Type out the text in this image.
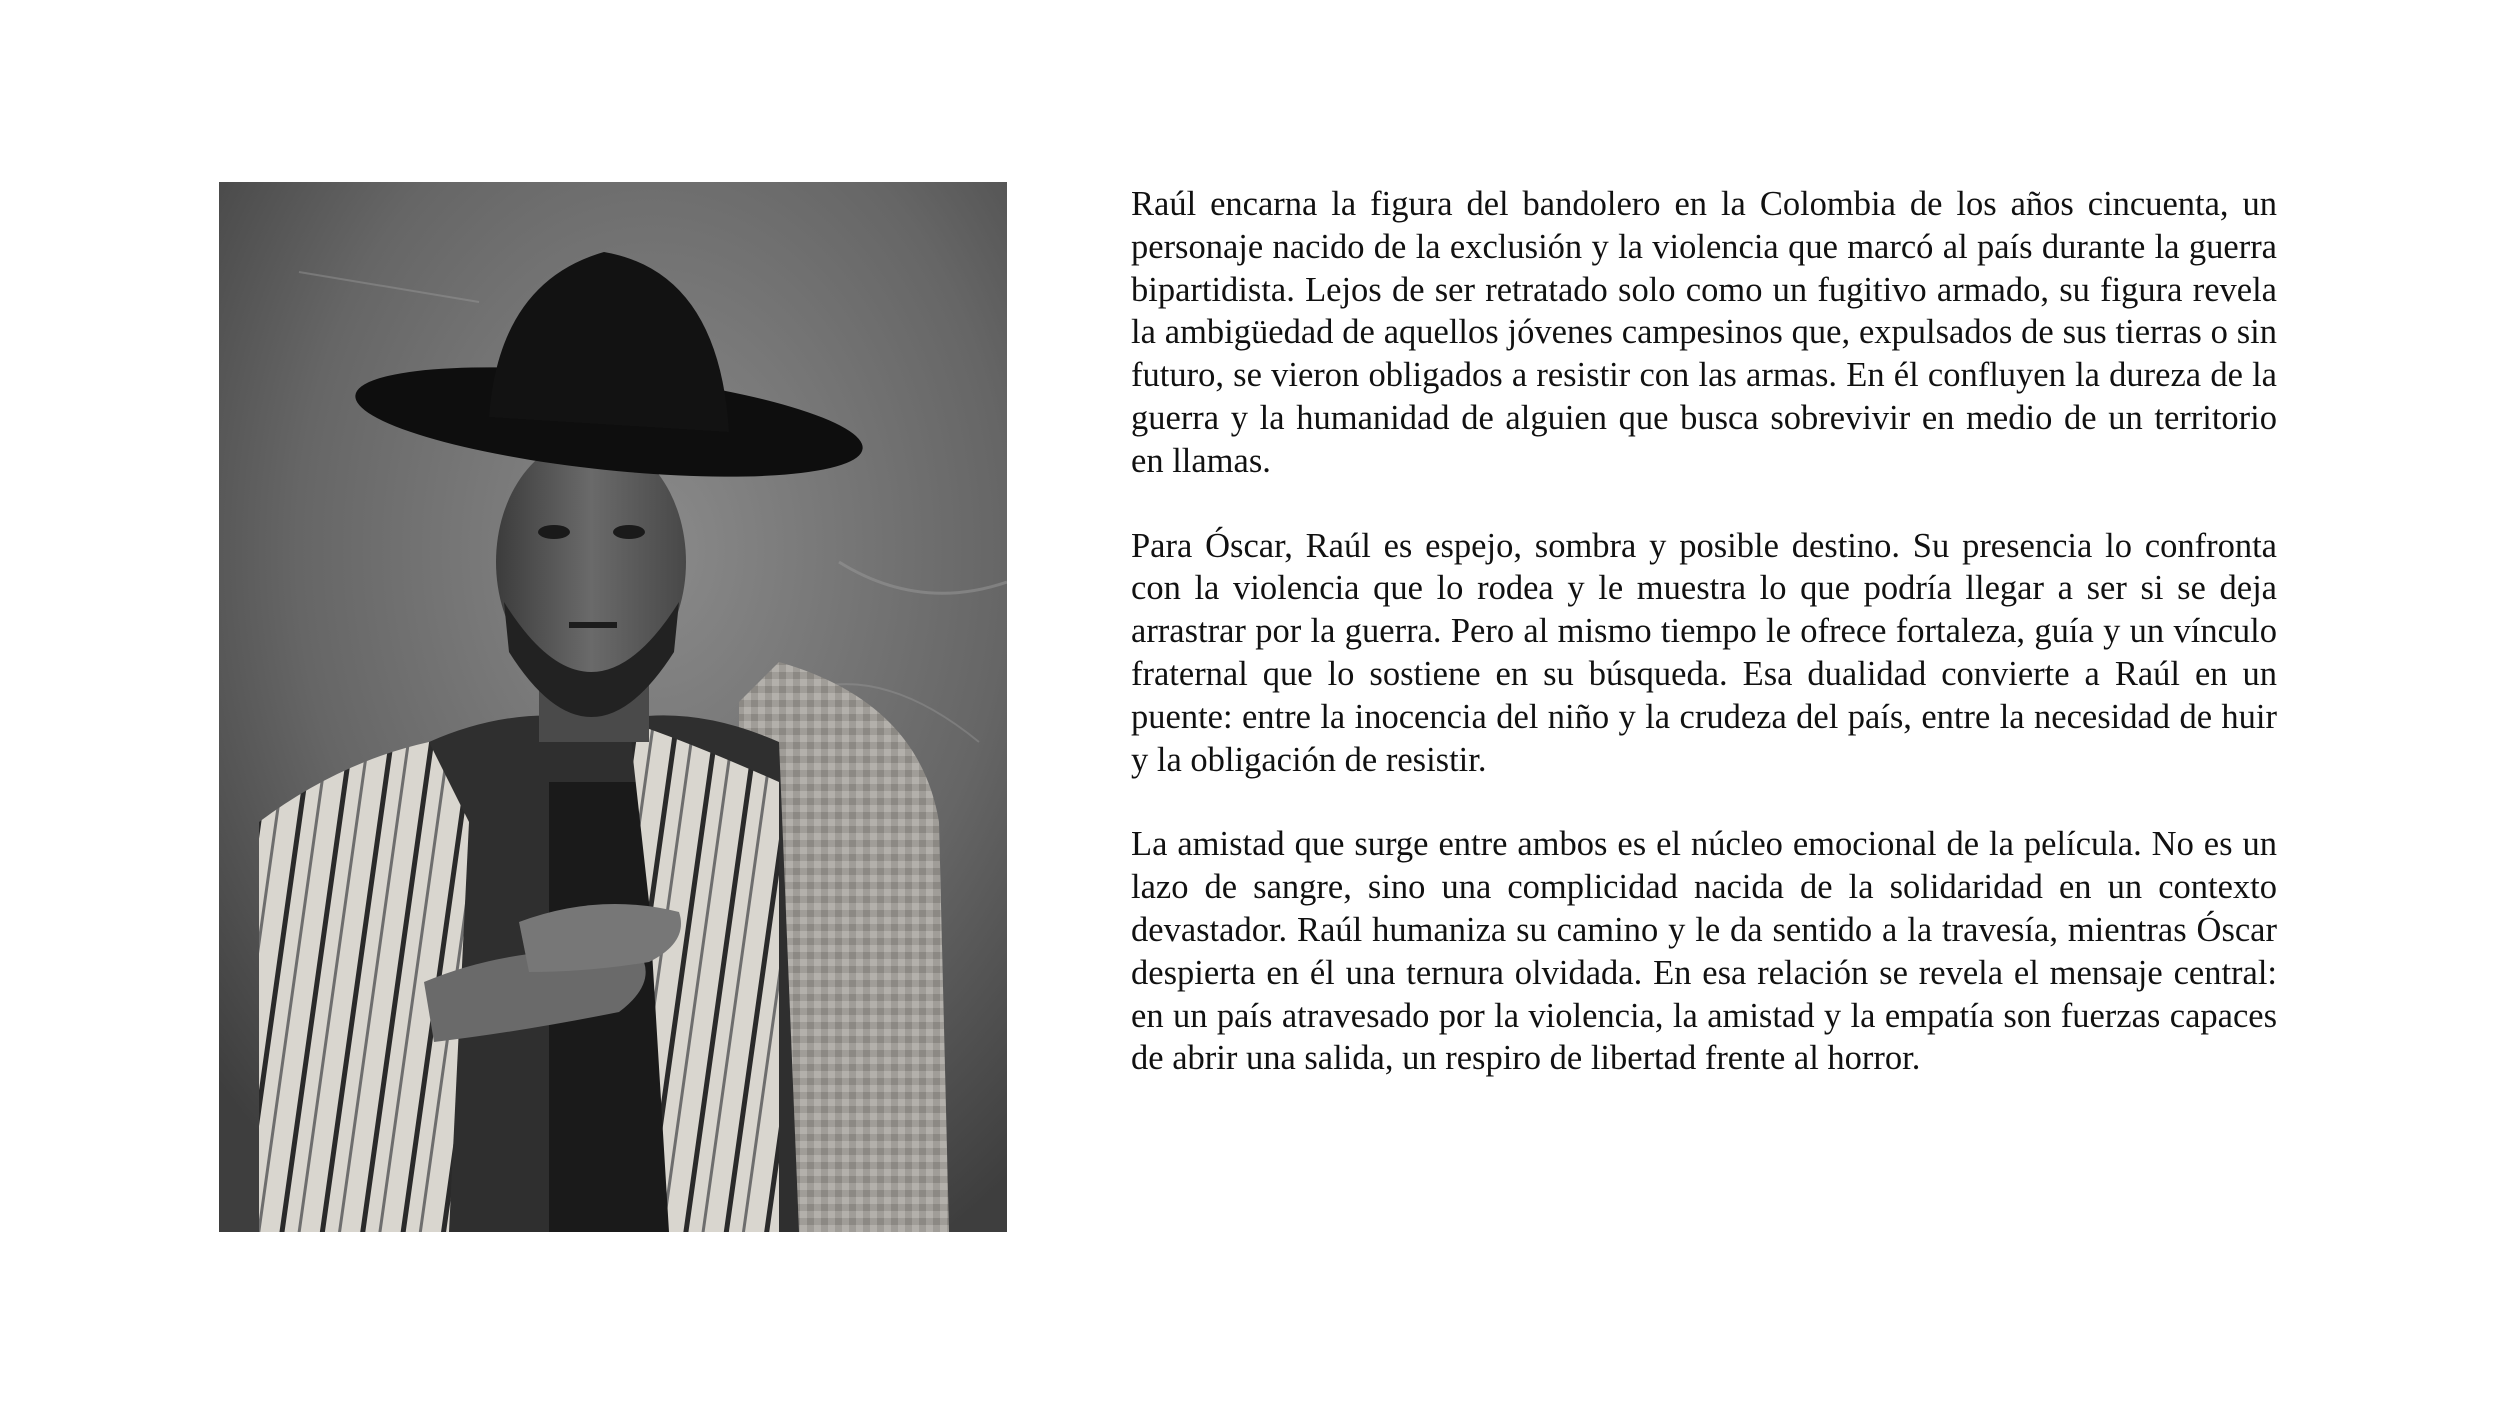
Raúl encarna la figura del bandolero en la Colombia de los años cincuenta, un personaje nacido de la exclusión y la violencia que marcó al país durante la guerra bipartidista. Lejos de ser retratado solo como un fugitivo armado, su figura revela la ambigüedad de aquellos jóvenes campesinos que, expulsados de sus tierras o sin futuro, se vieron obligados a resistir con las armas. En él confluyen la dureza de la guerra y la humanidad de alguien que busca sobrevivir en medio de un territorio en llamas.

Para Óscar, Raúl es espejo, sombra y posible destino. Su presencia lo confronta con la violencia que lo rodea y le muestra lo que podría llegar a ser si se deja arrastrar por la guerra. Pero al mismo tiempo le ofrece fortaleza, guía y un vínculo fraternal que lo sostiene en su búsqueda. Esa dualidad convierte a Raúl en un puente: entre la inocencia del niño y la crudeza del país, entre la necesidad de huir y la obligación de resistir.

La amistad que surge entre ambos es el núcleo emocional de la película. No es un lazo de sangre, sino una complicidad nacida de la solidaridad en un contexto devastador. Raúl humaniza su camino y le da sentido a la travesía, mientras Óscar despierta en él una ternura olvidada. En esa relación se revela el mensaje central: en un país atravesado por la violencia, la amistad y la empatía son fuerzas capaces de abrir una salida, un respiro de libertad frente al horror.
